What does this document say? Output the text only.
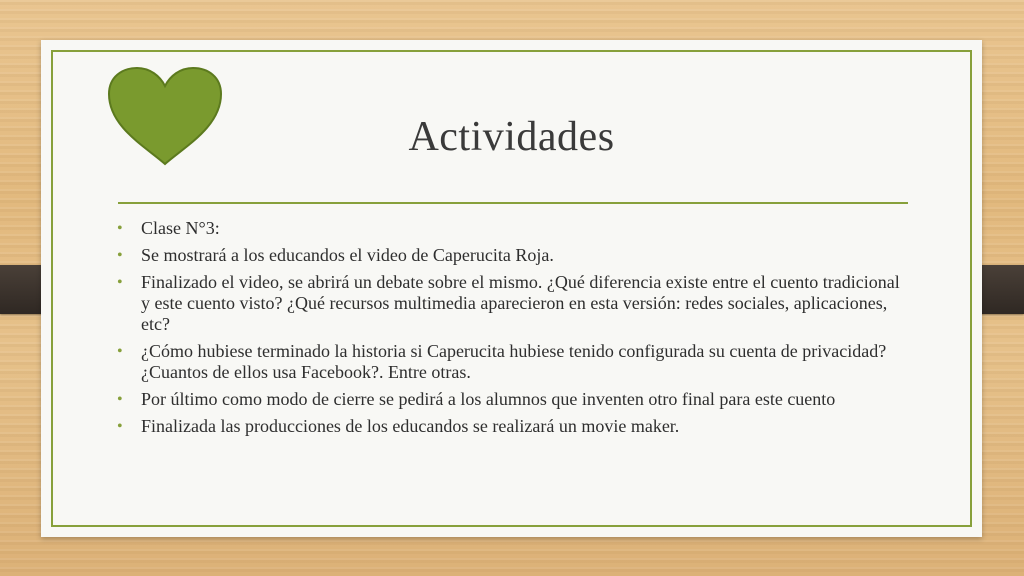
Actividades
• Clase N°3:
• Se mostrará a los educandos el video de Caperucita Roja.
• Finalizado el video, se abrirá un debate sobre el mismo. ¿Qué diferencia existe entre el cuento tradicional y este cuento visto? ¿Qué recursos multimedia aparecieron en esta versión: redes sociales, aplicaciones, etc?
• ¿Cómo hubiese terminado la historia si Caperucita hubiese tenido configurada su cuenta de privacidad?¿Cuantos de ellos usa Facebook?. Entre otras.
• Por último como modo de cierre se pedirá a los alumnos que inventen otro final para este cuento
• Finalizada las producciones de los educandos se realizará un movie maker.
